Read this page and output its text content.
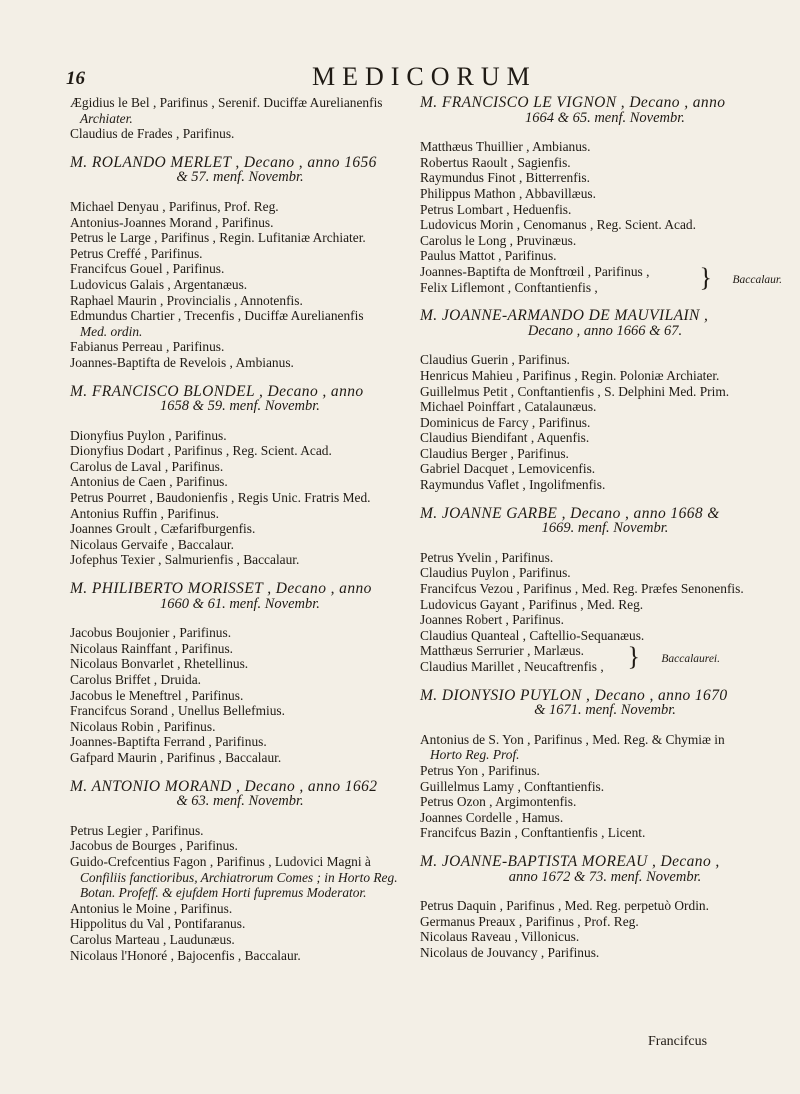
16	MEDICORUM
Ægidius le Bel , Parifinus , Serenif. Duciffæ Aurelianenfis
Archiater.
Claudius de Frades , Parifinus.
M. ROLANDO MERLET , Decano , anno 1656
& 57. menf. Novembr.
Michael Denyau , Parifinus, Prof. Reg.
Antonius-Joannes Morand , Parifinus.
Petrus le Large , Parifinus , Regin. Lufitaniæ Archiater.
Petrus Creffé , Parifinus.
Francifcus Gouel , Parifinus.
Ludovicus Galais , Argentanæus.
Raphael Maurin , Provincialis , Annotenfis.
Edmundus Chartier , Trecenfis , Duciffæ Aurelianenfis
Med. ordin.
Fabianus Perreau , Parifinus.
Joannes-Baptifta de Revelois , Ambianus.
M. FRANCISCO BLONDEL , Decano , anno
1658 & 59. menf. Novembr.
Dionyfius Puylon , Parifinus.
Dionyfius Dodart , Parifinus , Reg. Scient. Acad.
Carolus de Laval , Parifinus.
Antonius de Caen , Parifinus.
Petrus Pourret , Baudonienfis , Regis Unic. Fratris Med.
Antonius Ruffin , Parifinus.
Joannes Groult , Cæfarifburgenfis.
Nicolaus Gervaife , Baccalaur.
Jofephus Texier , Salmurienfis , Baccalaur.
M. PHILIBERTO MORISSET , Decano , anno
1660 & 61. menf. Novembr.
Jacobus Boujonier , Parifinus.
Nicolaus Rainffant , Parifinus.
Nicolaus Bonvarlet , Rhetellinus.
Carolus Briffet , Druida.
Jacobus le Meneftrel , Parifinus.
Francifcus Sorand , Unellus Bellefmius.
Nicolaus Robin , Parifinus.
Joannes-Baptifta Ferrand , Parifinus.
Gafpard Maurin , Parifinus , Baccalaur.
M. ANTONIO MORAND , Decano , anno 1662
& 63. menf. Novembr.
Petrus Legier , Parifinus.
Jacobus de Bourges , Parifinus.
Guido-Crefcentius Fagon , Parifinus , Ludovici Magni à
Confiliis fanctioribus, Archiatrorum Comes ; in Horto Reg.
Botan. Profeff. & ejufdem Horti fupremus Moderator.
Antonius le Moine , Parifinus.
Hippolitus du Val , Pontifaranus.
Carolus Marteau , Laudunæus.
Nicolaus l'Honoré , Bajocenfis , Baccalaur.
M. FRANCISCO LE VIGNON , Decano , anno
1664 & 65. menf. Novembr.
Matthæus Thuillier , Ambianus.
Robertus Raoult , Sagienfis.
Raymundus Finot , Bitterrenfis.
Philippus Mathon , Abbavillæus.
Petrus Lombart , Heduenfis.
Ludovicus Morin , Cenomanus , Reg. Scient. Acad.
Carolus le Long , Pruvinæus.
Paulus Mattot , Parifinus.
Joannes-Baptifta de Monftrœil , Parifinus ,
Felix Liflemont , Conftantienfis ,	} Baccalaur.
M. JOANNE-ARMANDO DE MAUVILAIN ,
Decano , anno 1666 & 67.
Claudius Guerin , Parifinus.
Henricus Mahieu , Parifinus , Regin. Poloniæ Archiater.
Guillelmus Petit , Conftantienfis , S. Delphini Med. Prim.
Michael Poinffart , Catalaunæus.
Dominicus de Farcy , Parifinus.
Claudius Biendifant , Aquenfis.
Claudius Berger , Parifinus.
Gabriel Dacquet , Lemovicenfis.
Raymundus Vaflet , Ingolifmenfis.
M. JOANNE GARBE , Decano , anno 1668 &
1669. menf. Novembr.
Petrus Yvelin , Parifinus.
Claudius Puylon , Parifinus.
Francifcus Vezou , Parifinus , Med. Reg. Præfes Senonenfis.
Ludovicus Gayant , Parifinus , Med. Reg.
Joannes Robert , Parifinus.
Claudius Quanteal , Caftellio-Sequanæus.
Matthæus Serrurier , Marlæus.
Claudius Marillet , Neucaftrenfis , } Baccalaurei.
M. DIONYSIO PUYLON , Decano , anno 1670
& 1671. menf. Novembr.
Antonius de S. Yon , Parifinus , Med. Reg. & Chymiæ in
Horto Reg. Prof.
Petrus Yon , Parifinus.
Guillelmus Lamy , Conftantienfis.
Petrus Ozon , Argimontenfis.
Joannes Cordelle , Hamus.
Francifcus Bazin , Conftantienfis , Licent.
M. JOANNE-BAPTISTA MOREAU , Decano ,
anno 1672 & 73. menf. Novembr.
Petrus Daquin , Parifinus , Med. Reg. perpetuò Ordin.
Germanus Preaux , Parifinus , Prof. Reg.
Nicolaus Raveau , Villonicus.
Nicolaus de Jouvancy , Parifinus.
Francifcus
